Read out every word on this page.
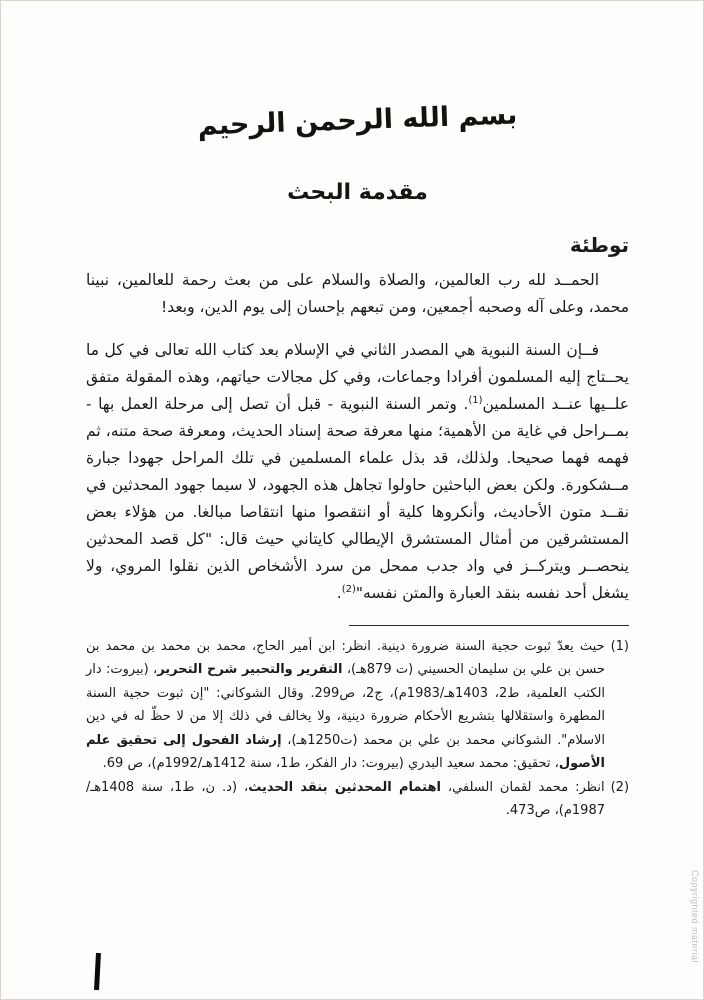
بسم الله الرحمن الرحيم
مقدمة البحث
توطئة

الحمــد لله رب العالمين، والصلاة والسلام على من بعث رحمة للعالمين، نبينا محمد، وعلى آله وصحبه أجمعين، ومن تبعهم بإحسان إلى يوم الدين، وبعد!

فــإن السنة النبوية هي المصدر الثاني في الإسلام بعد كتاب الله تعالى في كل ما يحــتاج إليه المسلمون أفرادا وجماعات، وفي كل مجالات حياتهم، وهذه المقولة متفق علــيها عنــد المسلمين$^{(1)}$. وتمر السنة النبوية - قبل أن تصل إلى مرحلة العمل بها - بمــراحل في غاية من الأهمية؛ منها معرفة صحة إسناد الحديث، ومعرفة صحة متنه، ثم فهمه فهما صحيحا. ولذلك، قد بذل علماء المسلمين في تلك المراحل جهودا جبارة مــشكورة. ولكن بعض الباحثين حاولوا تجاهل هذه الجهود، لا سيما جهود المحدثين في نقــد متون الأحاديث، وأنكروها كلية أو انتقصوا منها انتقاصا مبالغا. من هؤلاء بعض المستشرقين من أمثال المستشرق الإيطالي كايتاني حيث قال: "كل قصد المحدثين ينحصــر ويتركــز في واد جدب ممحل من سرد الأشخاص الذين نقلوا المروي، ولا يشغل أحد نفسه بنقد العبارة والمتن نفسه"$^{(2)}$.

(1)حيث يعدّ ثبوت حجية السنة ضرورة دينية. انظر: ابن أمير الحاج، محمد بن محمد بن محمد بن حسن بن علي بن سليمان الحسيني (ت 879هـ)، التقرير والتحبير شرح التحرير، (بيروت: دار الكتب العلمية، ط2، 1403هـ/1983م)، ج2، ص299. وقال الشوكاني: "إن ثبوت حجية السنة المطهرة واستقلالها بتشريع الأحكام ضرورة دينية، ولا يخالف في ذلك إلا من لا حظّ له في دين الاسلام". الشوكاني محمد بن علي بن محمد (ت1250هـ)، إرشاد الفحول إلى تحقيق علم الأصول، تحقيق: محمد سعيد البدري (بيروت: دار الفكر، ط1، سنة 1412هـ/1992م)، ص 69.

(2)انظر: محمد لقمان السلفي، اهتمام المحدثين بنقد الحديث، (د. ن، ط1، سنة 1408هـ/ 1987م)، ص473.

Copyrighted material
